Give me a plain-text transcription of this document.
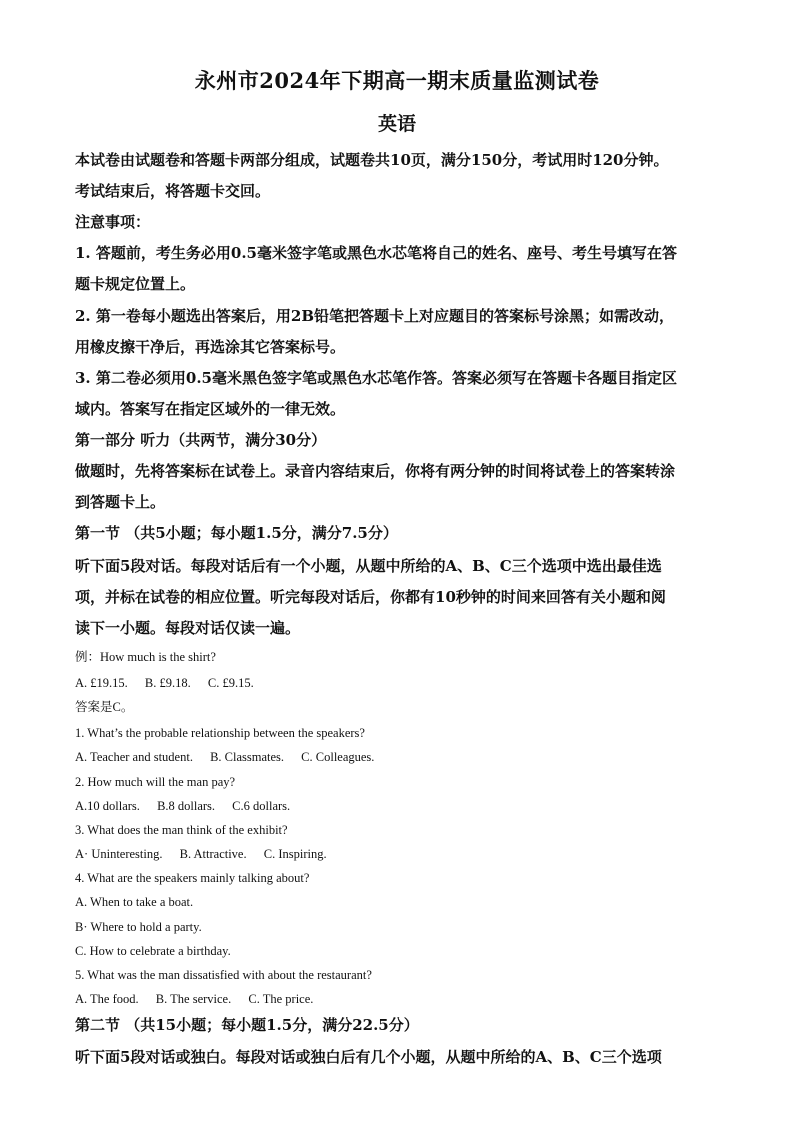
永州市2024年下期高一期末质量监测试卷
英语
本试卷由试题卷和答题卡两部分组成，试题卷共10页，满分150分，考试用时120分钟。
考试结束后，将答题卡交回。
注意事项：
1. 答题前，考生务必用0.5毫米签字笔或黑色水芯笔将自己的姓名、座号、考生号填写在答
题卡规定位置上。
2. 第一卷每小题选出答案后，用2B铅笔把答题卡上对应题目的答案标号涂黑；如需改动，
用橡皮擦干净后，再选涂其它答案标号。
3. 第二卷必须用0.5毫米黑色签字笔或黑色水芯笔作答。答案必须写在答题卡各题目指定区
域内。答案写在指定区域外的一律无效。
第一部分 听力（共两节，满分30分）
做题时，先将答案标在试卷上。录音内容结束后，你将有两分钟的时间将试卷上的答案转涂
到答题卡上。
第一节 （共5小题；每小题1.5分，满分7.5分）
听下面5段对话。每段对话后有一个小题，从题中所给的A、B、C三个选项中选出最佳选
项，并标在试卷的相应位置。听完每段对话后，你都有10秒钟的时间来回答有关小题和阅
读下一小题。每段对话仅读一遍。
例：How much is the shirt?
A. £19.15. B. £9.18. C. £9.15.
答案是C。
1. What’s the probable relationship between the speakers?
A. Teacher and student. B. Classmates. C. Colleagues.
2. How much will the man pay?
A.10 dollars. B.8 dollars. C.6 dollars.
3. What does the man think of the exhibit?
A· Uninteresting. B. Attractive. C. Inspiring.
4. What are the speakers mainly talking about?
A. When to take a boat.
B· Where to hold a party.
C. How to celebrate a birthday.
5. What was the man dissatisfied with about the restaurant?
A. The food. B. The service. C. The price.
第二节 （共15小题；每小题1.5分，满分22.5分）
听下面5段对话或独白。每段对话或独白后有几个小题，从题中所给的A、B、C三个选项
